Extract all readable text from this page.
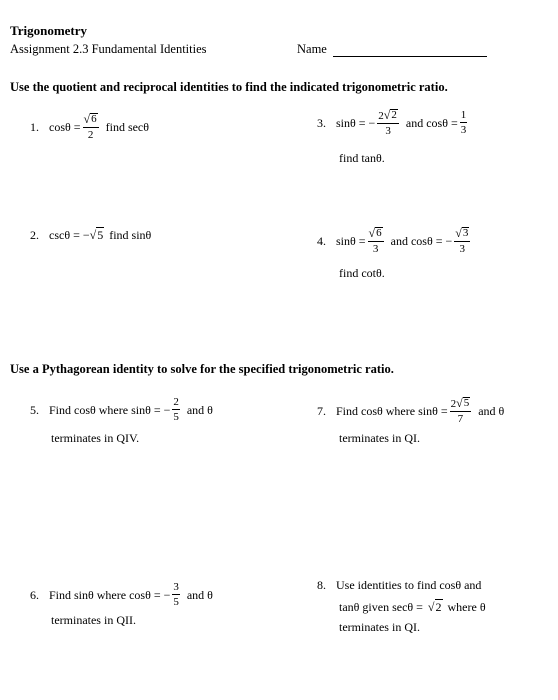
Trigonometry
Assignment 2.3 Fundamental Identities	Name
Use the quotient and reciprocal identities to find the indicated trigonometric ratio.
1. $\cos\theta = \frac{√ 6}{2}$ find secθ	3. sinθ = − $\frac{2 √ 2}{3}$ and $\cos\theta = \frac{1}{3}$
find tanθ.
2. cscθ = − √ 5 find sinθ	4. $\sin\theta = \frac{√ 6}{3}$ and cosθ = − $\frac{√ 3}{3}$
find cotθ.
Use a Pythagorean identity to solve for the specified trigonometric ratio.
5. Find cosθ where sinθ = − $\frac{2}{5}$ and θ
terminates in QIV.
7. Find cosθ where $\sin\theta = \frac{2 √ 5}{7}$ and θ
terminates in QI.
6. Find sinθ where cosθ = − $\frac{3}{5}$ and θ
terminates in QII.
8. Use identities to find cosθ and
tanθ given secθ = √ 2 where θ
terminates in QI.
